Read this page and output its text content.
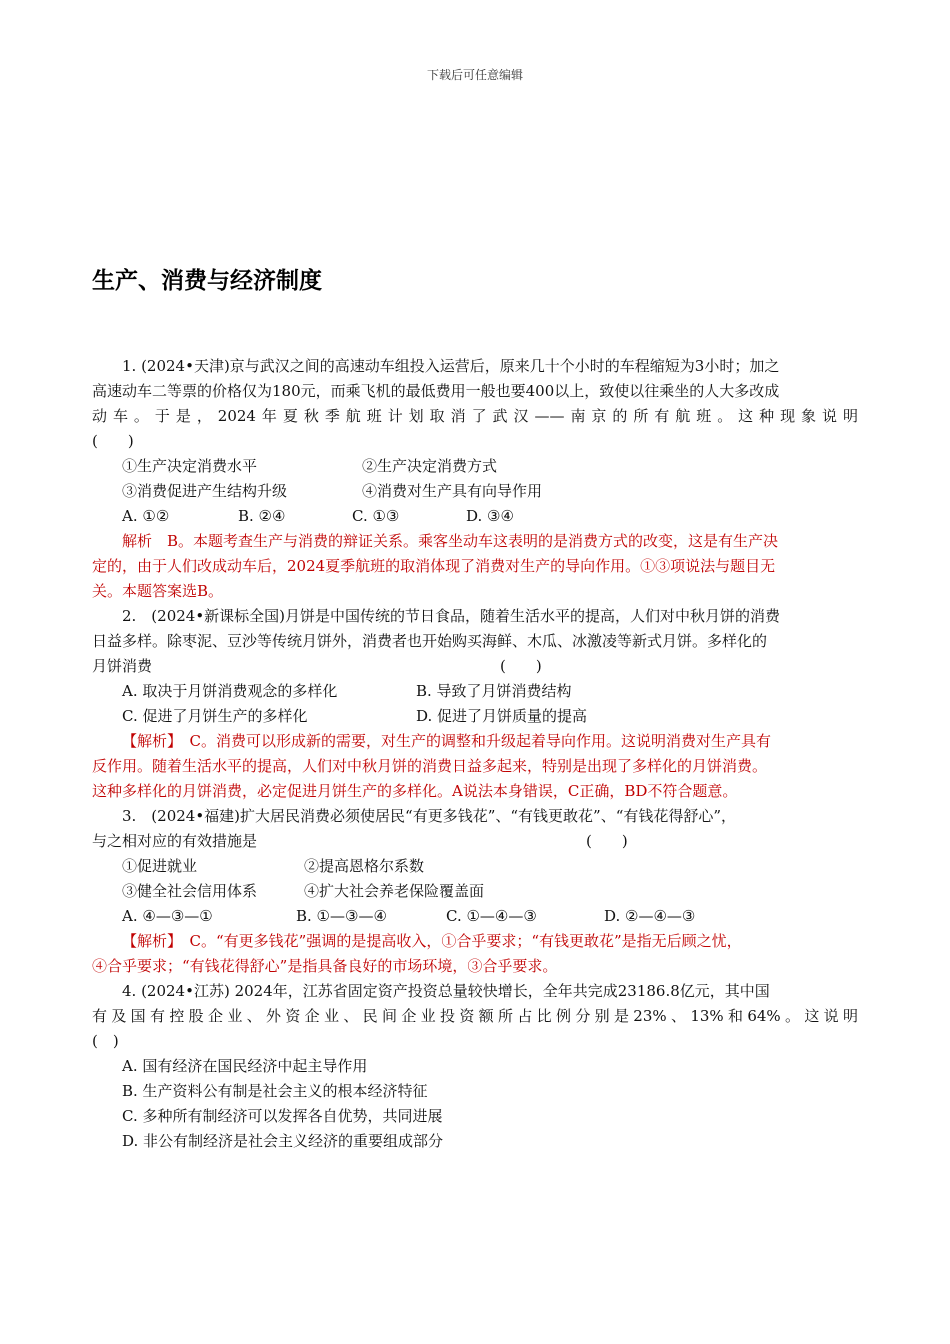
下载后可任意编辑
生产、消费与经济制度
1. (2024•天津)京与武汉之间的高速动车组投入运营后，原来几十个小时的车程缩短为3小时；加之
高速动车二等票的价格仅为180元，而乘飞机的最低费用一般也要400以上，致使以往乘坐的人大多改成
动车。于是，2024年夏秋季航班计划取消了武汉——南京的所有航班。这种现象说明
(　　)
①生产决定消费水平	②生产决定消费方式
③消费促进产生结构升级	④消费对生产具有向导作用
A. ①②	B. ②④	C. ①③	D. ③④
解析　B。本题考查生产与消费的辩证关系。乘客坐动车这表明的是消费方式的改变，这是有生产决
定的，由于人们改成动车后，2024夏季航班的取消体现了消费对生产的导向作用。①③项说法与题目无
关。本题答案选B。
2.　(2024•新课标全国)月饼是中国传统的节日食品，随着生活水平的提高，人们对中秋月饼的消费
日益多样。除枣泥、豆沙等传统月饼外，消费者也开始购买海鲜、木瓜、冰激凌等新式月饼。多样化的
月饼消费	(　　)
A. 取决于月饼消费观念的多样化	B. 导致了月饼消费结构
C. 促进了月饼生产的多样化	D. 促进了月饼质量的提高
【解析】　C。消费可以形成新的需要，对生产的调整和升级起着导向作用。这说明消费对生产具有
反作用。随着生活水平的提高，人们对中秋月饼的消费日益多起来，特别是出现了多样化的月饼消费。
这种多样化的月饼消费，必定促进月饼生产的多样化。A说法本身错误，C正确，BD不符合题意。
3.　(2024•福建)扩大居民消费必须使居民“有更多钱花”、“有钱更敢花”、“有钱花得舒心”，
与之相对应的有效措施是	(　　)
①促进就业	②提高恩格尔系数
③健全社会信用体系	④扩大社会养老保险覆盖面
A. ④—③—①	B. ①—③—④	C. ①—④—③	D. ②—④—③
【解析】　C。“有更多钱花”强调的是提高收入，①合乎要求；“有钱更敢花”是指无后顾之忧，
④合乎要求；“有钱花得舒心”是指具备良好的市场环境，③合乎要求。
4. (2024•江苏) 2024年，江苏省固定资产投资总量较快增长，全年共完成23186.8亿元，其中国
有及国有控股企业、外资企业、民间企业投资额所占比例分别是23%、13%和64%。这说明
(　)
A. 国有经济在国民经济中起主导作用
B. 生产资料公有制是社会主义的根本经济特征
C. 多种所有制经济可以发挥各自优势，共同进展
D. 非公有制经济是社会主义经济的重要组成部分
